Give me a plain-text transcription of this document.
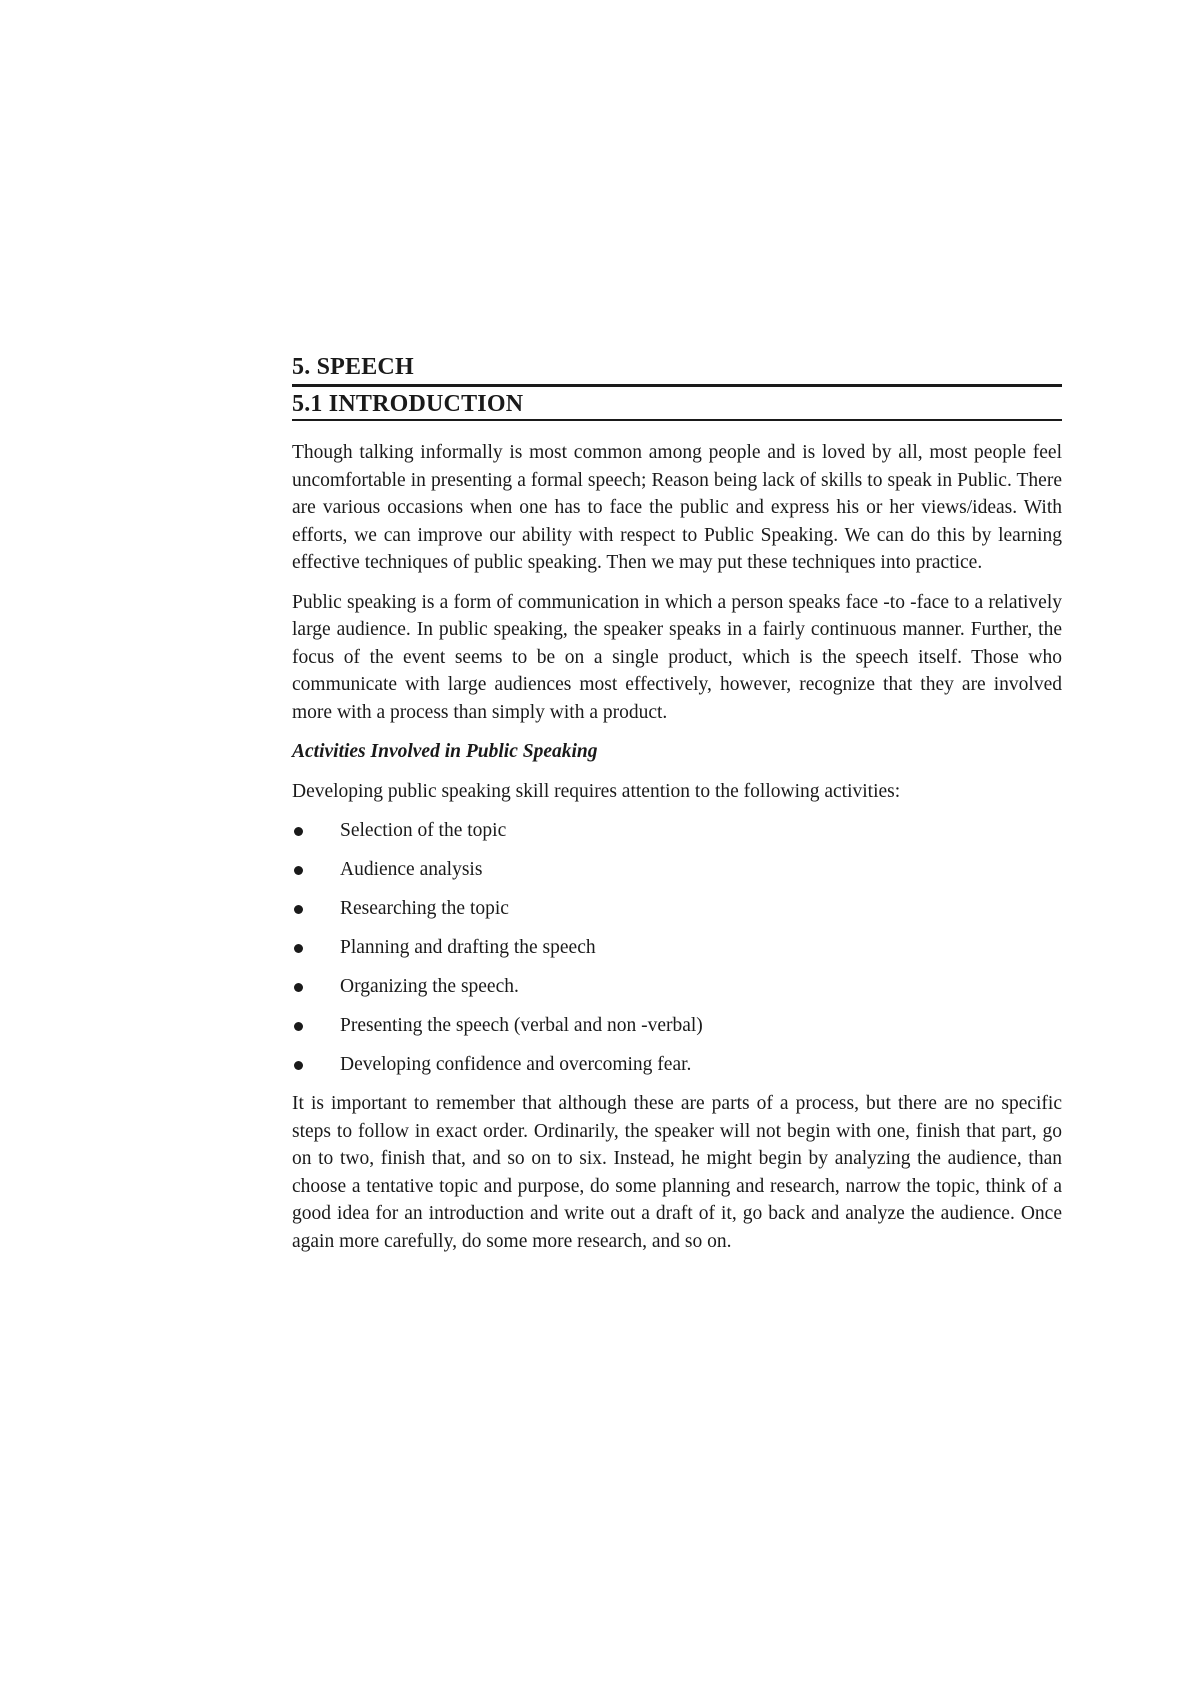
5. SPEECH
5.1 INTRODUCTION

Though talking informally is most common among people and is loved by all, most people feel uncomfortable in presenting a formal speech; Reason being lack of skills to speak in Public. There are various occasions when one has to face the public and express his or her views/ideas. With efforts, we can improve our ability with respect to Public Speaking. We can do this by learning effective techniques of public speaking. Then we may put these techniques into practice.

Public speaking is a form of communication in which a person speaks face -to -face to a relatively large audience. In public speaking, the speaker speaks in a fairly continuous manner. Further, the focus of the event seems to be on a single product, which is the speech itself. Those who communicate with large audiences most effectively, however, recognize that they are involved more with a process than simply with a product.

Activities Involved in Public Speaking

Developing public speaking skill requires attention to the following activities:

Selection of the topic
Audience analysis
Researching the topic
Planning and drafting the speech
Organizing the speech.
Presenting the speech (verbal and non -verbal)
Developing confidence and overcoming fear.

It is important to remember that although these are parts of a process, but there are no specific steps to follow in exact order. Ordinarily, the speaker will not begin with one, finish that part, go on to two, finish that, and so on to six. Instead, he might begin by analyzing the audience, than choose a tentative topic and purpose, do some planning and research, narrow the topic, think of a good idea for an introduction and write out a draft of it, go back and analyze the audience. Once again more carefully, do some more research, and so on.
